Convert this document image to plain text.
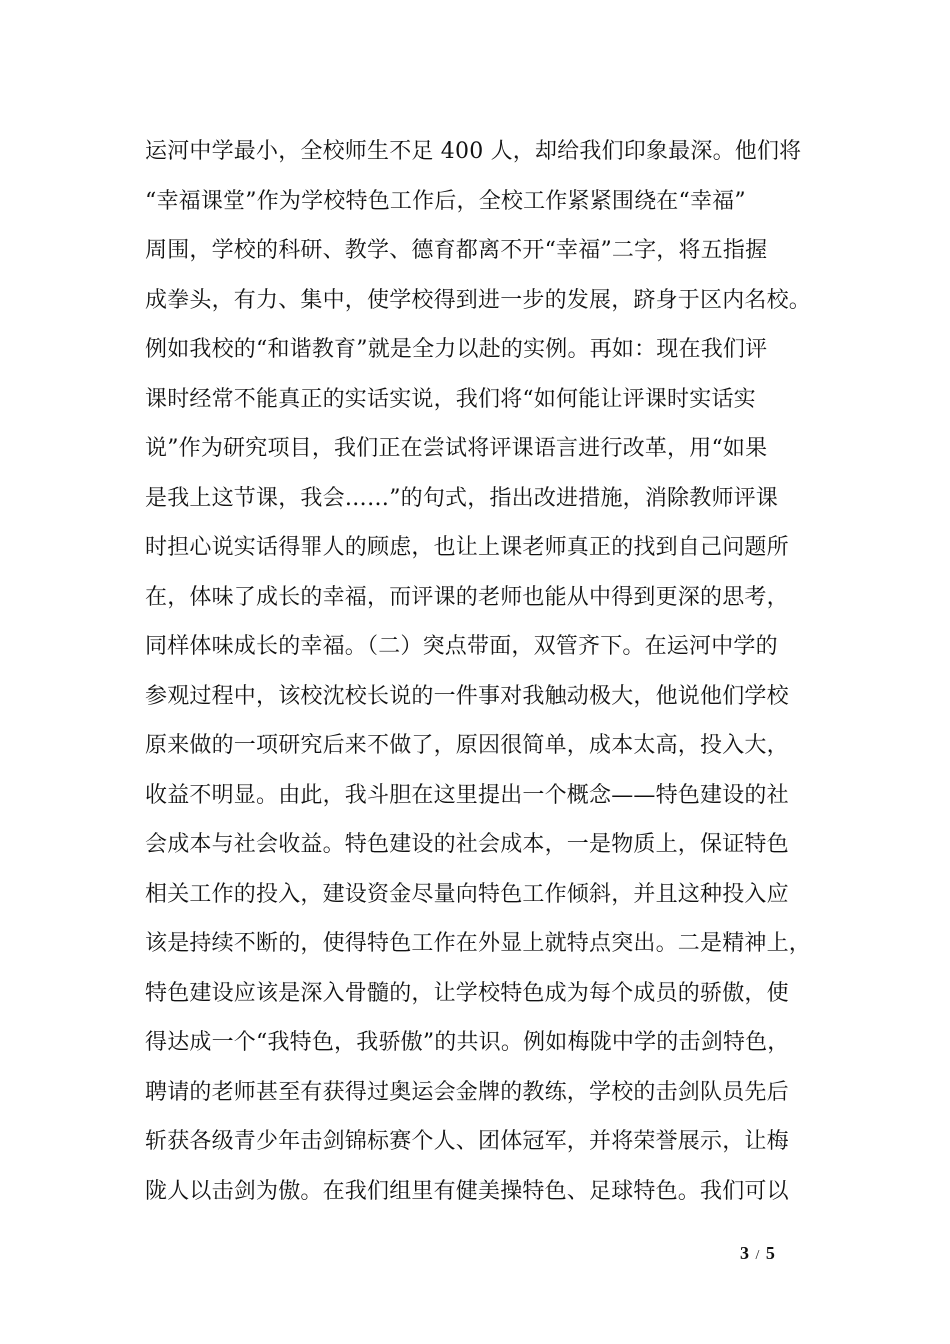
运河中学最小，全校师生不足 400 人，却给我们印象最深。他们将
“幸福课堂”作为学校特色工作后，全校工作紧紧围绕在“幸福”
周围，学校的科研、教学、德育都离不开“幸福”二字，将五指握
成拳头，有力、集中，使学校得到进一步的发展，跻身于区内名校。
例如我校的“和谐教育”就是全力以赴的实例。再如：现在我们评
课时经常不能真正的实话实说，我们将“如何能让评课时实话实
说”作为研究项目，我们正在尝试将评课语言进行改革，用“如果
是我上这节课，我会……”的句式，指出改进措施，消除教师评课
时担心说实话得罪人的顾虑，也让上课老师真正的找到自己问题所
在，体味了成长的幸福，而评课的老师也能从中得到更深的思考，
同样体味成长的幸福。（二）突点带面，双管齐下。在运河中学的
参观过程中，该校沈校长说的一件事对我触动极大，他说他们学校
原来做的一项研究后来不做了，原因很简单，成本太高，投入大，
收益不明显。由此，我斗胆在这里提出一个概念——特色建设的社
会成本与社会收益。特色建设的社会成本，一是物质上，保证特色
相关工作的投入，建设资金尽量向特色工作倾斜，并且这种投入应
该是持续不断的，使得特色工作在外显上就特点突出。二是精神上，
特色建设应该是深入骨髓的，让学校特色成为每个成员的骄傲，使
得达成一个“我特色，我骄傲”的共识。例如梅陇中学的击剑特色，
聘请的老师甚至有获得过奥运会金牌的教练，学校的击剑队员先后
斩获各级青少年击剑锦标赛个人、团体冠军，并将荣誉展示，让梅
陇人以击剑为傲。在我们组里有健美操特色、足球特色。我们可以
3 / 5
